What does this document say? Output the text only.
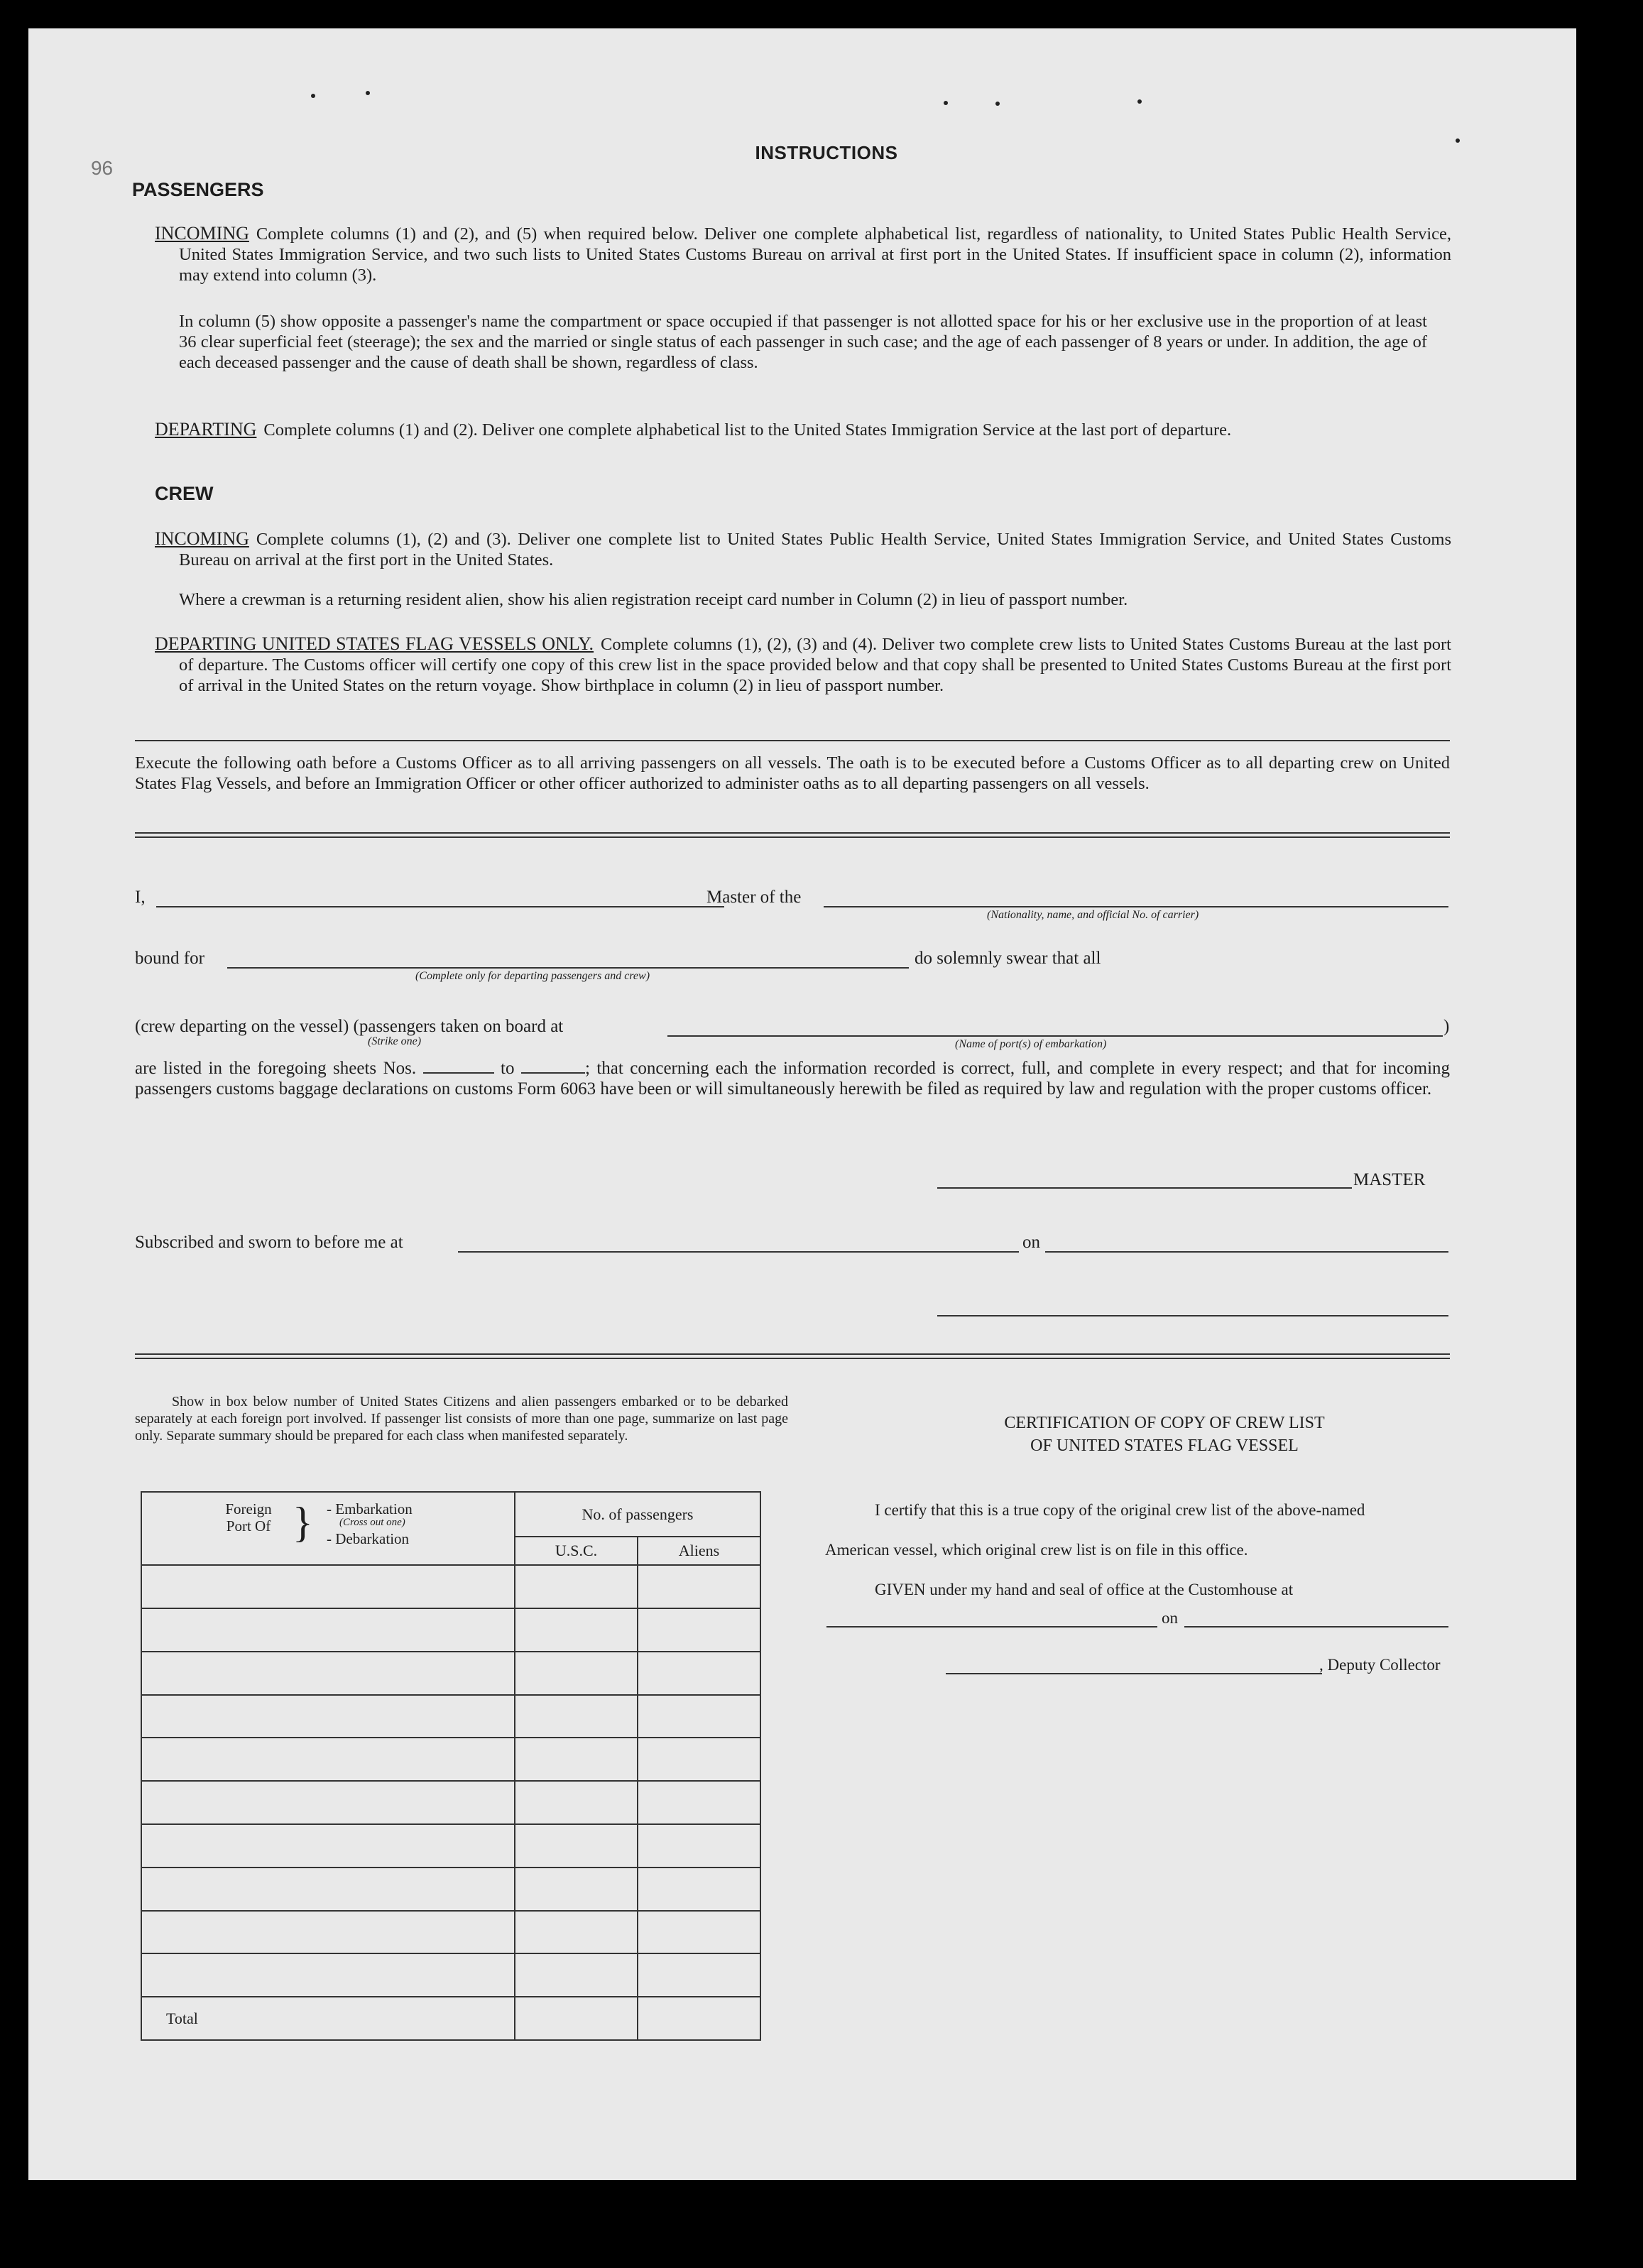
96
INSTRUCTIONS
PASSENGERS
INCOMING Complete columns (1) and (2), and (5) when required below. Deliver one complete alphabetical list, regardless of nationality, to United States Public Health Service, United States Immigration Service, and two such lists to United States Customs Bureau on arrival at first port in the United States. If insufficient space in column (2), information may extend into column (3).
In column (5) show opposite a passenger's name the compartment or space occupied if that passenger is not allotted space for his or her exclusive use in the proportion of at least 36 clear superficial feet (steerage); the sex and the married or single status of each passenger in such case; and the age of each passenger of 8 years or under. In addition, the age of each deceased passenger and the cause of death shall be shown, regardless of class.
DEPARTING Complete columns (1) and (2). Deliver one complete alphabetical list to the United States Immigration Service at the last port of departure.
CREW
INCOMING Complete columns (1), (2) and (3). Deliver one complete list to United States Public Health Service, United States Immigration Service, and United States Customs Bureau on arrival at the first port in the United States.
Where a crewman is a returning resident alien, show his alien registration receipt card number in Column (2) in lieu of passport number.
DEPARTING UNITED STATES FLAG VESSELS ONLY. Complete columns (1), (2), (3) and (4). Deliver two complete crew lists to United States Customs Bureau at the last port of departure. The Customs officer will certify one copy of this crew list in the space provided below and that copy shall be presented to United States Customs Bureau at the first port of arrival in the United States on the return voyage. Show birthplace in column (2) in lieu of passport number.
Execute the following oath before a Customs Officer as to all arriving passengers on all vessels. The oath is to be executed before a Customs Officer as to all departing crew on United States Flag Vessels, and before an Immigration Officer or other officer authorized to administer oaths as to all departing passengers on all vessels.
I,	Master of the
(Nationality, name, and official No. of carrier)
bound for
(Complete only for departing passengers and crew)
do solemnly swear that all
(crew departing on the vessel) (passengers taken on board at
(Strike one)
)
(Name of port(s) of embarkation)
are listed in the foregoing sheets Nos.	to	; that concerning each the information recorded is correct, full, and complete in every respect; and that for incoming passengers customs baggage declarations on customs Form 6063 have been or will simultaneously herewith be filed as required by law and regulation with the proper customs officer.
MASTER
Subscribed and sworn to before me at	on
Show in box below number of United States Citizens and alien passengers embarked or to be debarked separately at each foreign port involved. If passenger list consists of more than one page, summarize on last page only. Separate summary should be prepared for each class when manifested separately.
Foreign Port Of } - Embarkation
(Cross out one)
- Debarkation	No. of passengers	
	U.S.C.	Aliens

Total		
CERTIFICATION OF COPY OF CREW LIST
OF UNITED STATES FLAG VESSEL
I certify that this is a true copy of the original crew list of the above-named
American vessel, which original crew list is on file in this office.
GIVEN under my hand and seal of office at the Customhouse at
on
, Deputy Collector
